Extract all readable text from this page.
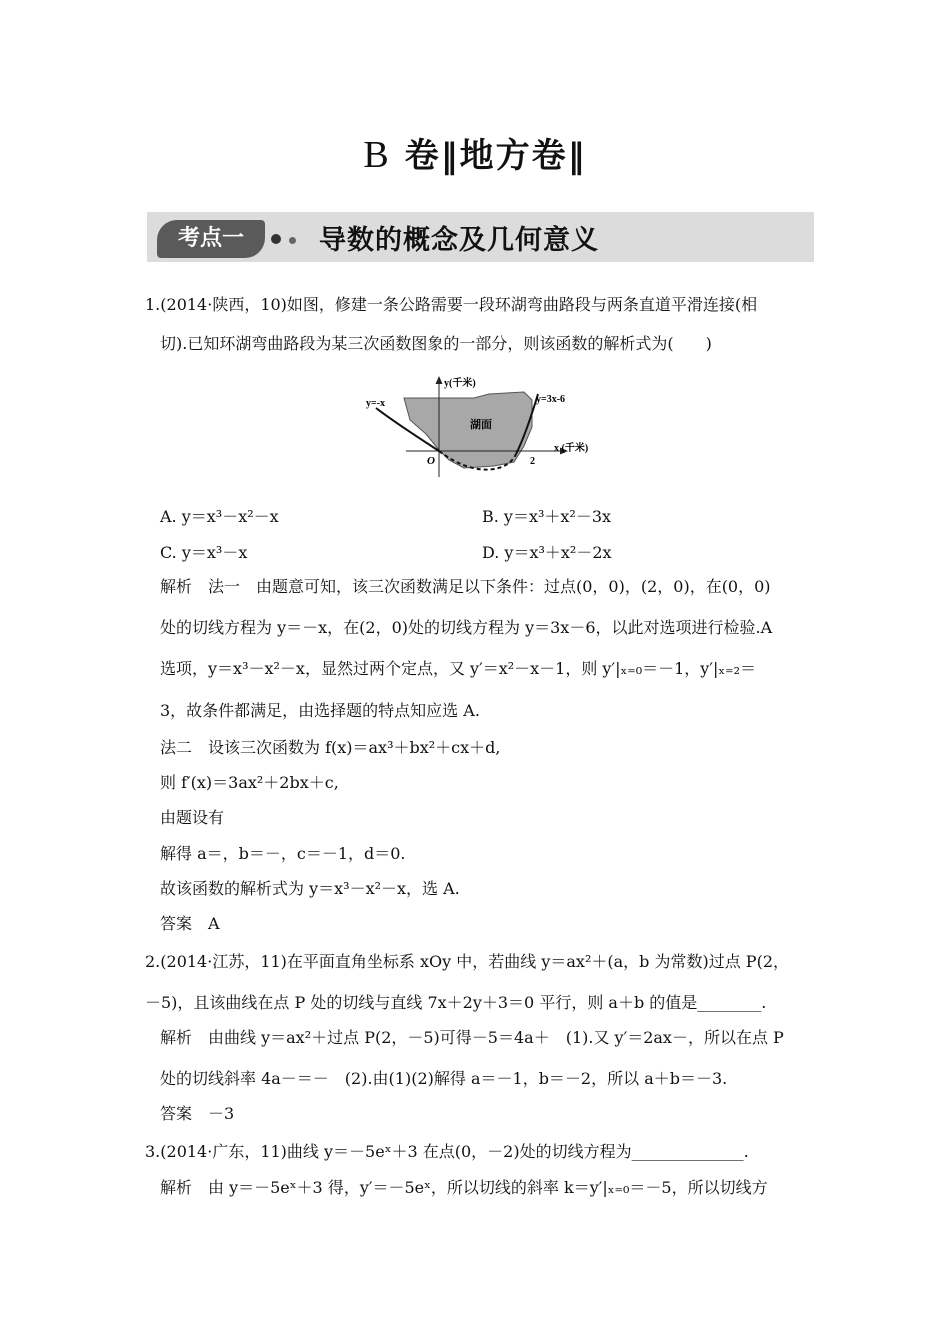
B 卷‖地方卷‖
考点一	导数的概念及几何意义
1.(2014·陕西，10)如图，修建一条公路需要一段环湖弯曲路段与两条直道平滑连接(相
切).已知环湖弯曲路段为某三次函数图象的一部分，则该函数的解析式为(　　)
y(千米)
y=-x	y=3x-6
湖面
x (千米)
O	2
A. y＝x³－x²－x	B. y＝x³＋x²－3x
C. y＝x³－x	D. y＝x³＋x²－2x
解析　法一　由题意可知，该三次函数满足以下条件：过点(0，0)，(2，0)，在(0，0)
处的切线方程为 y＝－x，在(2，0)处的切线方程为 y＝3x－6，以此对选项进行检验.A
选项，y＝x³－x²－x，显然过两个定点，又 y′＝x²－x－1，则 y′|ₓ₌₀＝－1，y′|ₓ₌₂＝
3，故条件都满足，由选择题的特点知应选 A.
法二　设该三次函数为 f(x)＝ax³＋bx²＋cx＋d,
则 f′(x)＝3ax²＋2bx＋c,
由题设有
解得 a＝，b＝－，c＝－1，d＝0.
故该函数的解析式为 y＝x³－x²－x，选 A.
答案　A
2.(2014·江苏，11)在平面直角坐标系 xOy 中，若曲线 y＝ax²＋(a，b 为常数)过点 P(2，
－5)，且该曲线在点 P 处的切线与直线 7x＋2y＋3＝0 平行，则 a＋b 的值是________.
解析　由曲线 y＝ax²＋过点 P(2，－5)可得－5＝4a＋　(1).又 y′＝2ax－，所以在点 P
处的切线斜率 4a－＝－　(2).由(1)(2)解得 a＝－1，b＝－2，所以 a＋b＝－3.
答案　－3
3.(2014·广东，11)曲线 y＝－5eˣ＋3 在点(0，－2)处的切线方程为______________.
解析　由 y＝－5eˣ＋3 得，y′＝－5eˣ，所以切线的斜率 k＝y′|ₓ₌₀＝－5，所以切线方
